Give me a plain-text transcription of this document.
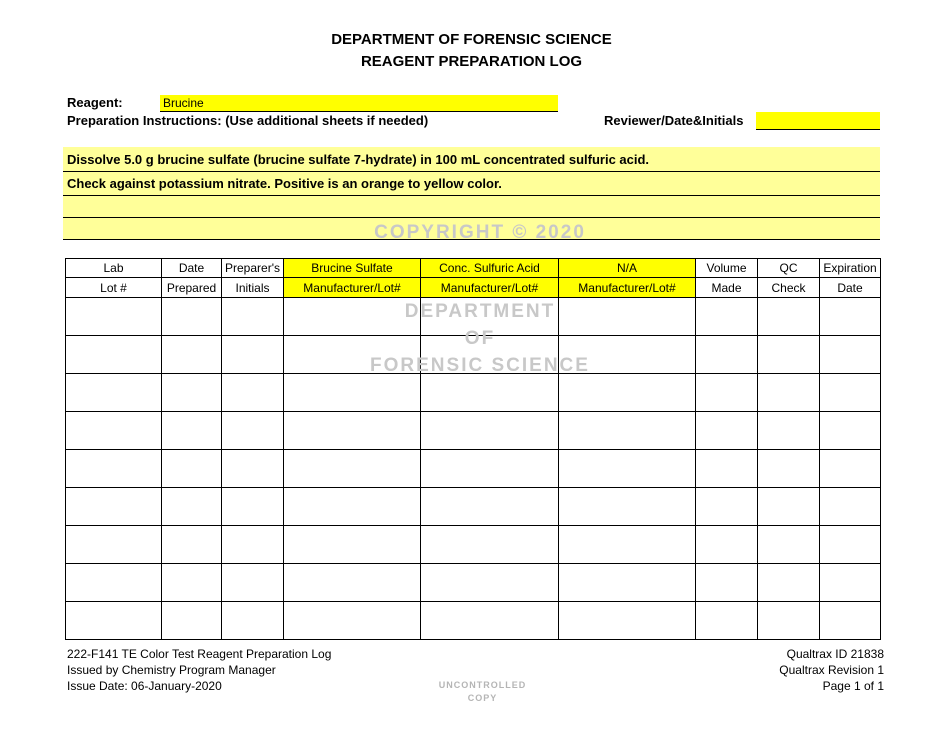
DEPARTMENT OF FORENSIC SCIENCE
REAGENT PREPARATION LOG
Reagent:	Brucine
Preparation Instructions: (Use additional sheets if needed)	Reviewer/Date&Initials
Dissolve 5.0 g brucine sulfate (brucine sulfate 7-hydrate) in 100 mL concentrated sulfuric acid.
Check against potassium nitrate. Positive is an orange to yellow color.
COPYRIGHT © 2020
Lab	Date	Preparer's	Brucine Sulfate	Conc. Sulfuric Acid	N/A	Volume	QC	Expiration
Lot #	Prepared	Initials	Manufacturer/Lot#	Manufacturer/Lot#	Manufacturer/Lot#	Made	Check	Date

DEPARTMENT
OF
FORENSIC SCIENCE
222-F141 TE Color Test Reagent Preparation Log
Issued by Chemistry Program Manager
Issue Date: 06-January-2020
Qualtrax ID 21838
Qualtrax Revision 1
Page 1 of 1
UNCONTROLLED
COPY
